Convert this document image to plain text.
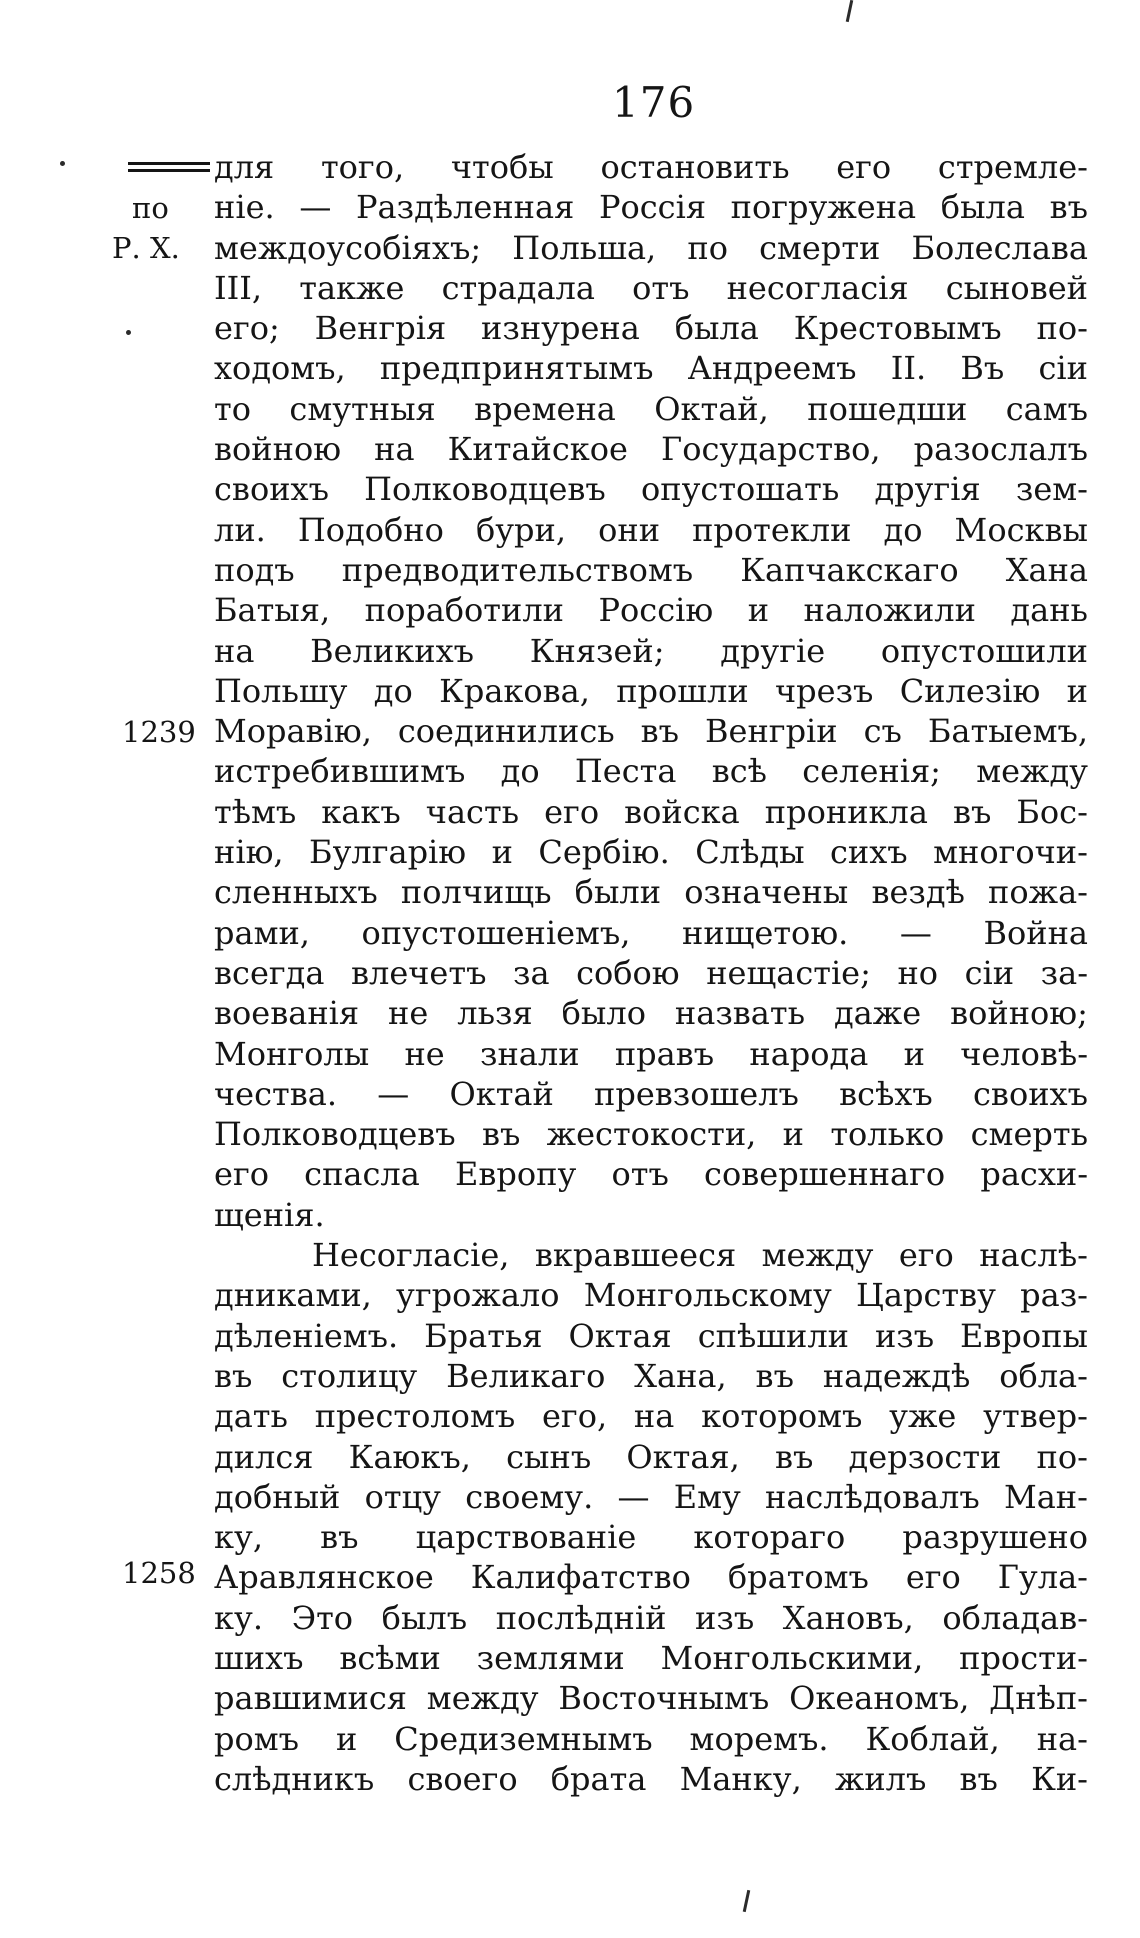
176
по
Р. Х.
1239
1258
для того, чтобы остановить его стремле-
ніе. — Раздѣленная Россія погружена была въ
междоусобіяхъ; Польша, по смерти Болеслава
III, также страдала отъ несогласія сыновей
его; Венгрія изнурена была Крестовымъ по-
ходомъ, предпринятымъ Андреемъ II. Въ сіи
то смутныя времена Октай, пошедши самъ
войною на Китайское Государство, разослалъ
своихъ Полководцевъ опустошать другія зем-
ли. Подобно бури, они протекли до Москвы
подъ предводительствомъ Капчакскаго Хана
Батыя, поработили Россію и наложили дань
на Великихъ Князей; другіе опустошили
Польшу до Кракова, прошли чрезъ Силезію и
Моравію, соединились въ Венгріи съ Батыемъ,
истребившимъ до Песта всѣ селенія; между
тѣмъ какъ часть его войска проникла въ Бос-
нію, Булгарію и Сербію. Слѣды сихъ многочи-
сленныхъ полчищь были означены вездѣ пожа-
рами, опустошеніемъ, нищетою. — Война
всегда влечетъ за собою нещастіе; но сіи за-
воеванія не льзя было назвать даже войною;
Монголы не знали правъ народа и человѣ-
чества. — Октай превзошелъ всѣхъ своихъ
Полководцевъ въ жестокости, и только смерть
его спасла Европу отъ совершеннаго расхи-
щенія.
Несогласіе, вкравшееся между его наслѣ-
дниками, угрожало Монгольскому Царству раз-
дѣленіемъ. Братья Октая спѣшили изъ Европы
въ столицу Великаго Хана, въ надеждѣ обла-
дать престоломъ его, на которомъ уже утвер-
дился Каюкъ, сынъ Октая, въ дерзости по-
добный отцу своему. — Ему наслѣдовалъ Ман-
ку, въ царствованіе котораго разрушено
Аравлянское Калифатство братомъ его Гула-
ку. Это былъ послѣдній изъ Хановъ, обладав-
шихъ всѣми землями Монгольскими, прости-
равшимися между Восточнымъ Океаномъ, Днѣп-
ромъ и Средиземнымъ моремъ. Коблай, на-
слѣдникъ своего брата Манку, жилъ въ Ки-
